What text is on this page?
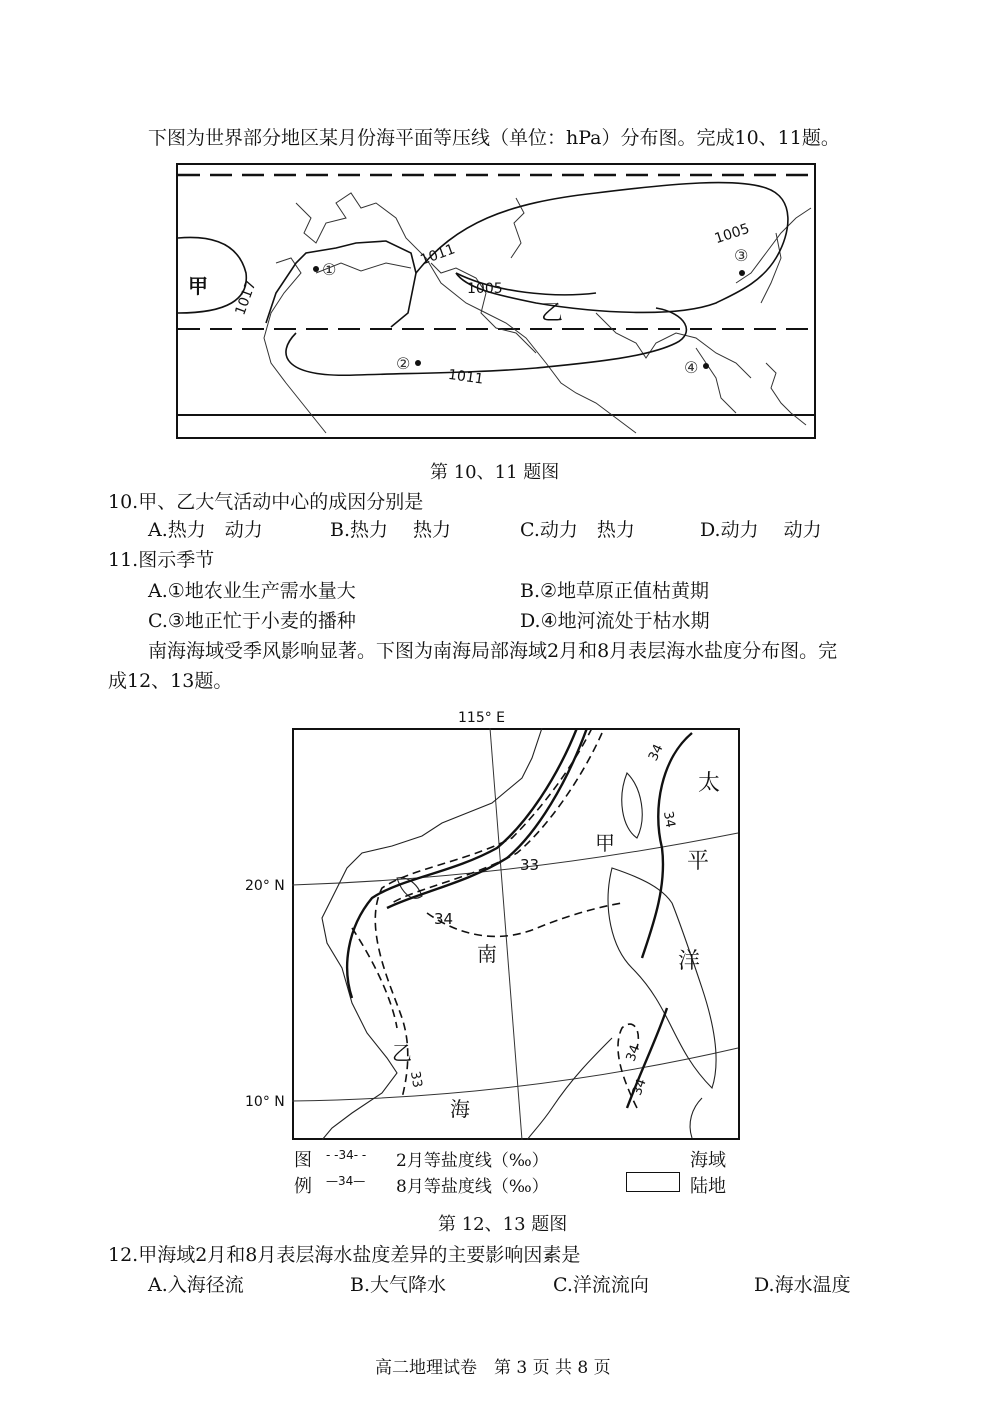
下图为世界部分地区某月份海平面等压线（单位：hPa）分布图。完成10、11题。
1017
1011
1005
1011
1005
甲
乙
①
②
③
④
第 10、11 题图
10.甲、乙大气活动中心的成因分别是
A.热力　动力	B.热力　 热力	C.动力　热力	D.动力　 动力
11.图示季节
A.①地农业生产需水量大	B.②地草原正值枯黄期
C.③地正忙于小麦的播种	D.④地河流处于枯水期
南海海域受季风影响显著。下图为南海局部海域2月和8月表层海水盐度分布图。完
成12、13题。
115° E
20° N
10° N
34
34
33
34
33
34
34
甲
乙
南
海
太
平
洋
图
例
- -34- - 2月等盐度线（‰）
—34— 8月等盐度线（‰）
海域
陆地
第 12、13 题图
12.甲海域2月和8月表层海水盐度差异的主要影响因素是
A.入海径流	B.大气降水	C.洋流流向	D.海水温度
高二地理试卷　第 3 页 共 8 页
